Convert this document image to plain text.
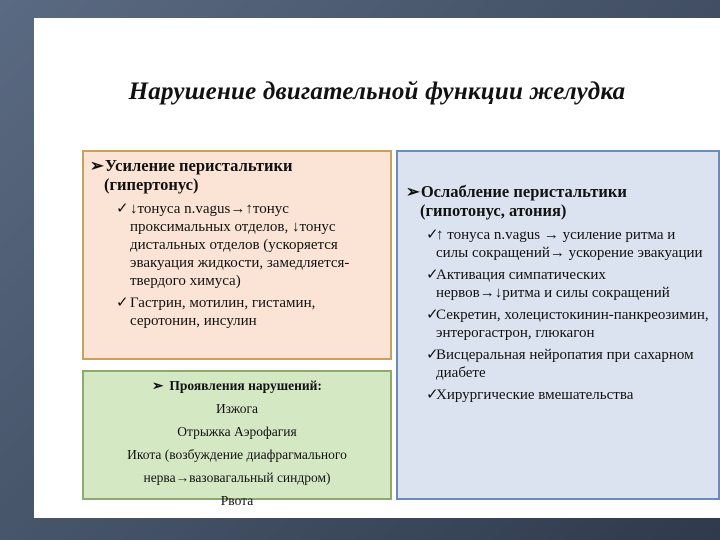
Нарушение двигательной функции желудка
➢Усиление перистальтики
(гипертонус)
✓ ↓тонуса n.vagus→↑тонус проксимальных отделов, ↓тонус дистальных отделов (ускоряется эвакуация жидкости, замедляется- твердого химуса)
✓ Гастрин, мотилин, гистамин, серотонин, инсулин
➢ Проявления нарушений:
Изжога
Отрыжка Аэрофагия
Икота (возбуждение диафрагмального нерва→вазовагальный синдром)
Рвота
➢Ослабление перистальтики
(гипотонус, атония)
✓
↑ тонуса n.vagus → усиление ритма и силы сокращений→ ускорение эвакуации
✓
Активация симпатических нервов→↓ритма и силы сокращений
✓
Секретин, холецистокинин-панкреозимин, энтерогастрон, глюкагон
✓
Висцеральная нейропатия при сахарном диабете
✓
Хирургические вмешательства
